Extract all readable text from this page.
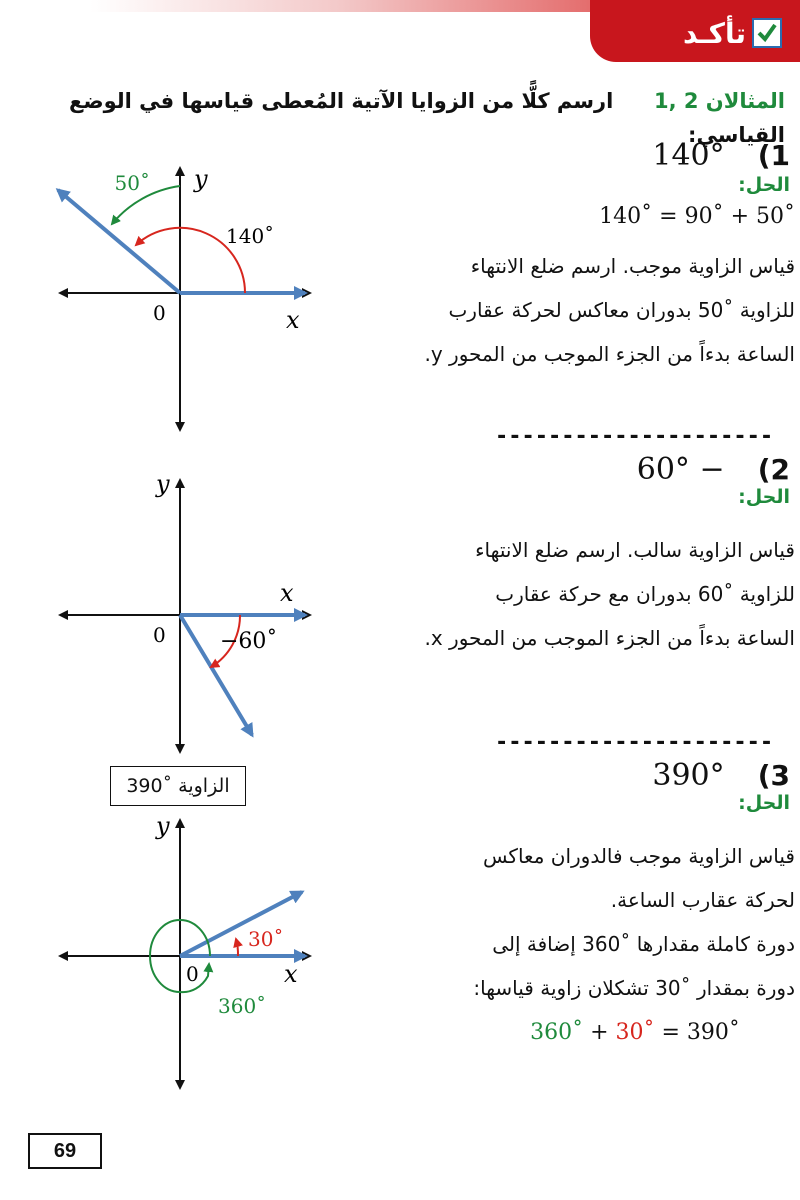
تأكـد
المثالان 2 ,1  ارسم كلًّا من الزوايا الآتية المُعطى قياسها في الوضع القياسي:
1)  140°
الحل:
140˚ = 90˚ + 50˚
قياس الزاوية موجب. ارسم ضلع الانتهاء
للزاوية ˚50 بدوران معاكس لحركة عقارب
الساعة بدءاً من الجزء الموجب من المحور y.
---------------------
50˚ y
140˚
0	x
2)  − 60°
الحل:
قياس الزاوية سالب. ارسم ضلع الانتهاء
للزاوية ˚60 بدوران مع حركة عقارب
الساعة بدءاً من الجزء الموجب من المحور x.
---------------------
y
x
0 −60˚
3)  390°
الحل:
قياس الزاوية موجب فالدوران معاكس
لحركة عقارب الساعة.
دورة كاملة مقدارها ˚360 إضافة إلى
دورة بمقدار ˚30 تشكلان زاوية قياسها:
360˚ + 30˚ = 390˚
الزاوية ˚390
y
30˚
0	x
360˚
69
